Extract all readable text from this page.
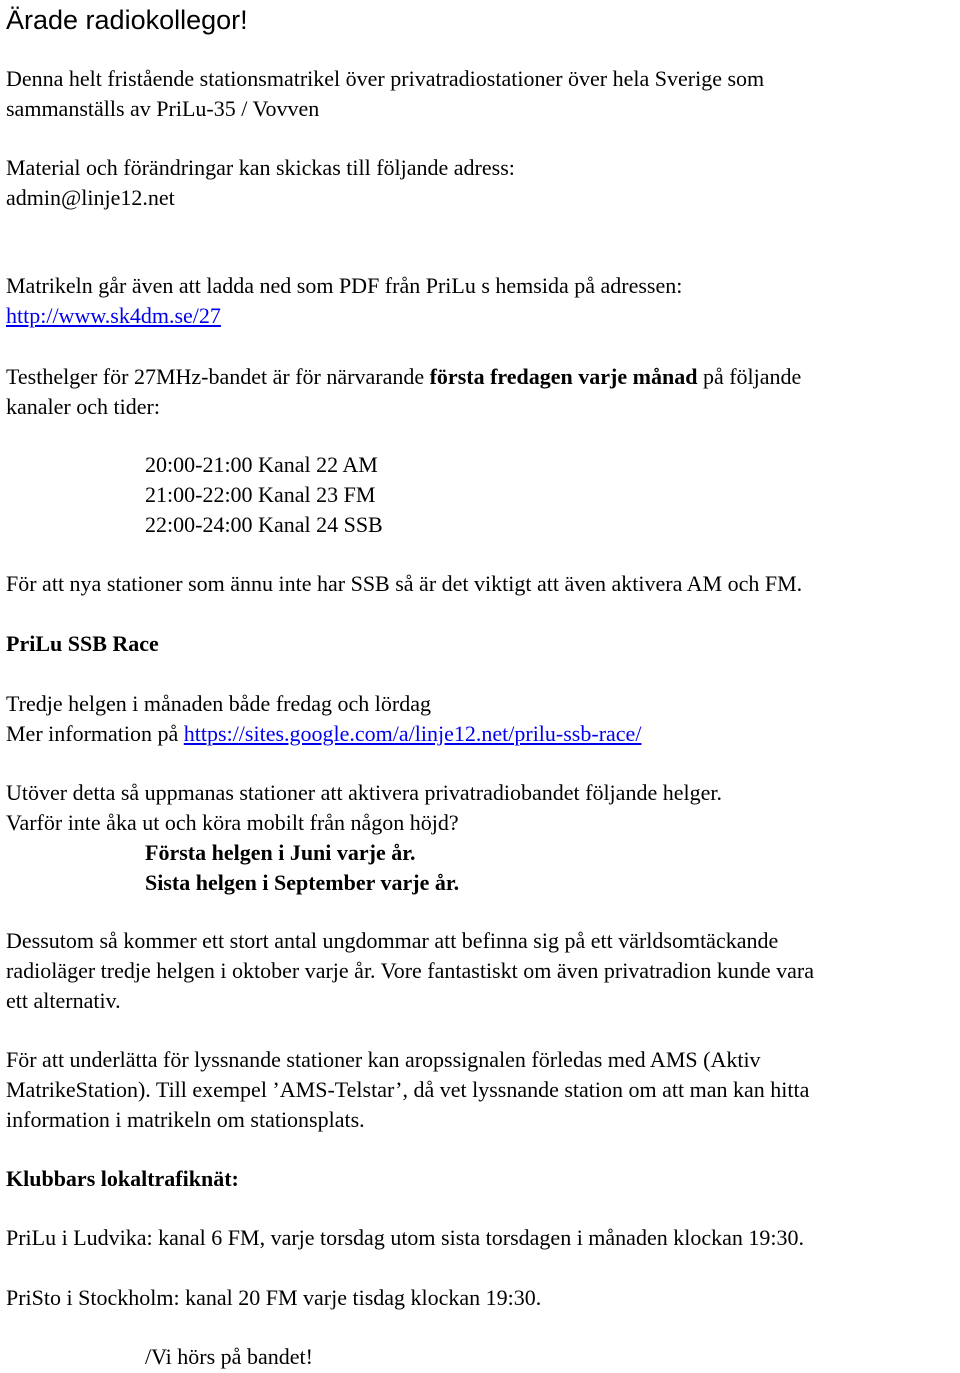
Ärade radiokollegor!
Denna helt fristående stationsmatrikel över privatradiostationer över hela Sverige som
sammanställs av PriLu-35 / Vovven
Material och förändringar kan skickas till följande adress:
admin@linje12.net
Matrikeln går även att ladda ned som PDF från PriLu s hemsida på adressen:
http://www.sk4dm.se/27
Testhelger för 27MHz-bandet är för närvarande första fredagen varje månad på följande
kanaler och tider:
20:00-21:00 Kanal 22 AM
21:00-22:00 Kanal 23 FM
22:00-24:00 Kanal 24 SSB
För att nya stationer som ännu inte har SSB så är det viktigt att även aktivera AM och FM.
PriLu SSB Race
Tredje helgen i månaden både fredag och lördag
Mer information på https://sites.google.com/a/linje12.net/prilu-ssb-race/
Utöver detta så uppmanas stationer att aktivera privatradiobandet följande helger.
Varför inte åka ut och köra mobilt från någon höjd?
Första helgen i Juni varje år.
Sista helgen i September varje år.
Dessutom så kommer ett stort antal ungdommar att befinna sig på ett världsomtäckande
radioläger tredje helgen i oktober varje år. Vore fantastiskt om även privatradion kunde vara
ett alternativ.
För att underlätta för lyssnande stationer kan aropssignalen förledas med AMS (Aktiv
MatrikeStation). Till exempel ’AMS-Telstar’, då vet lyssnande station om att man kan hitta
information i matrikeln om stationsplats.
Klubbars lokaltrafiknät:
PriLu i Ludvika: kanal 6 FM, varje torsdag utom sista torsdagen i månaden klockan 19:30.
PriSto i Stockholm: kanal 20 FM varje tisdag klockan 19:30.
/Vi hörs på bandet!
